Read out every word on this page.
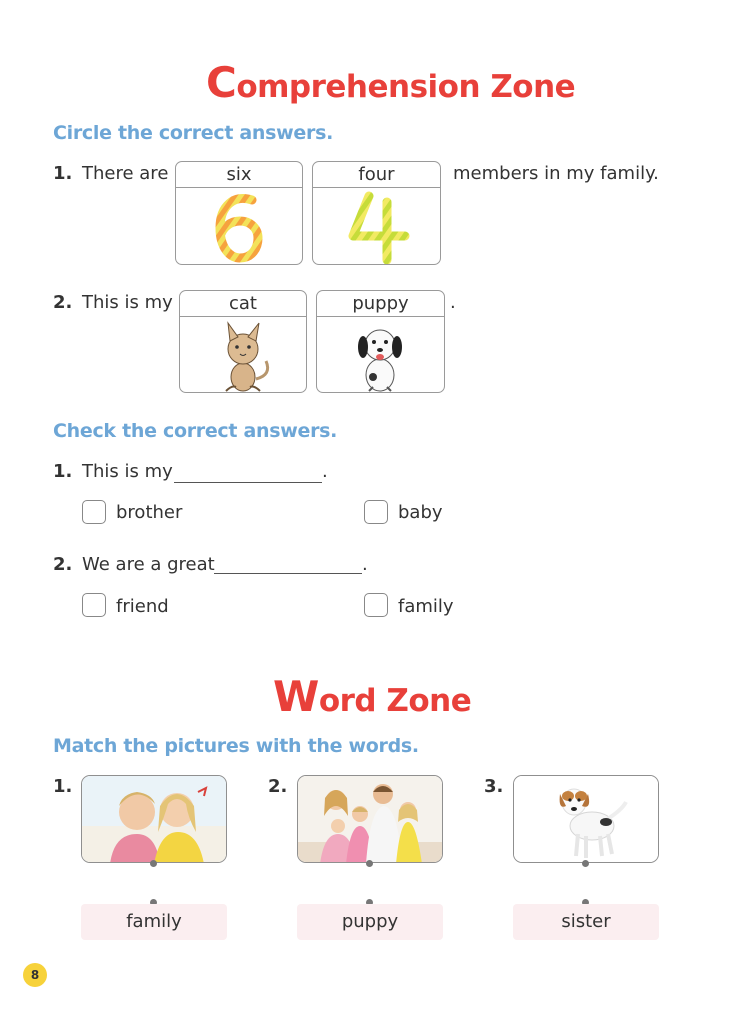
Comprehension Zone
Circle the correct answers.
1. There are	six	four	members in my family.
2. This is my	cat	puppy	.
Check the correct answers.
1. This is my	.
brother	baby
2. We are a great	.
friend	family
Word Zone
Match the pictures with the words.
1.	2.	3.
family	puppy	sister
8
